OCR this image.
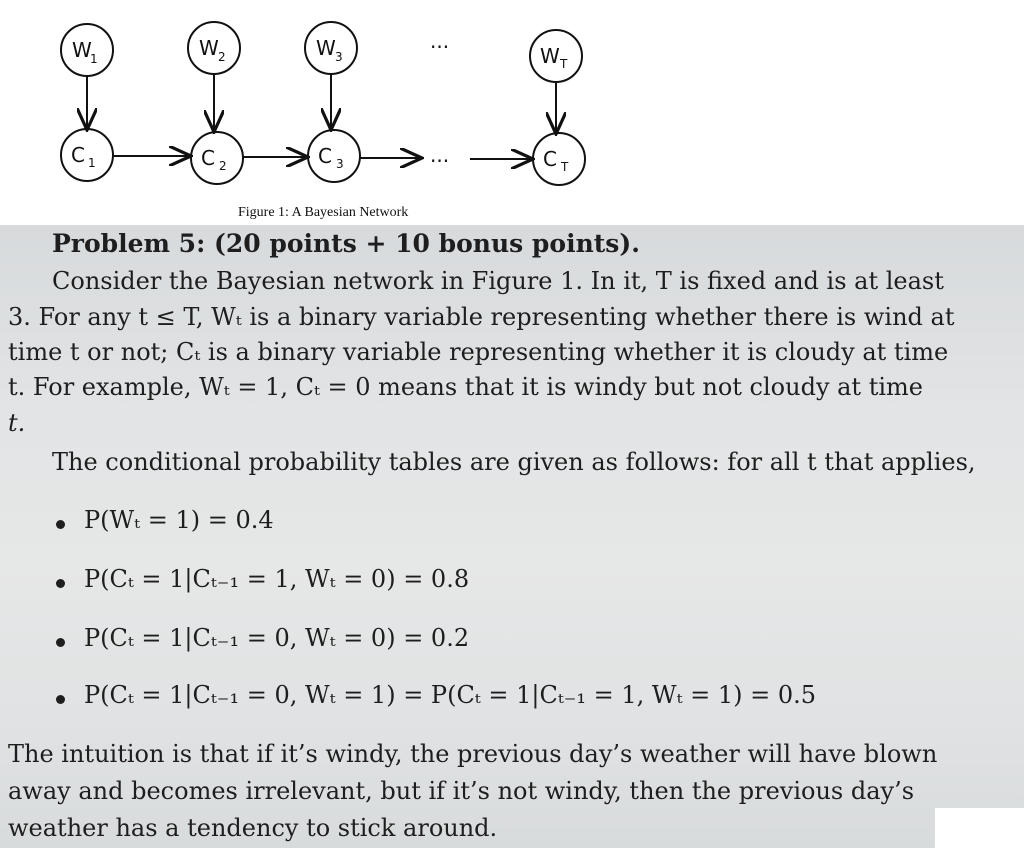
W
1	W 2	W 3
...
W T
C 1	C 2	C 3	...	C T
Figure 1: A Bayesian Network
Problem 5: (20 points + 10 bonus points).
Consider the Bayesian network in Figure 1. In it, T is fixed and is at least
3. For any t ≤ T, Wₜ is a binary variable representing whether there is wind at
time t or not; Cₜ is a binary variable representing whether it is cloudy at time
t. For example, Wₜ = 1, Cₜ = 0 means that it is windy but not cloudy at time
t.
The conditional probability tables are given as follows: for all t that applies,
P(Wₜ = 1) = 0.4
P(Cₜ = 1|Cₜ₋₁ = 1, Wₜ = 0) = 0.8
P(Cₜ = 1|Cₜ₋₁ = 0, Wₜ = 0) = 0.2
P(Cₜ = 1|Cₜ₋₁ = 0, Wₜ = 1) = P(Cₜ = 1|Cₜ₋₁ = 1, Wₜ = 1) = 0.5
The intuition is that if it’s windy, the previous day’s weather will have blown
away and becomes irrelevant, but if it’s not windy, then the previous day’s
weather has a tendency to stick around.
